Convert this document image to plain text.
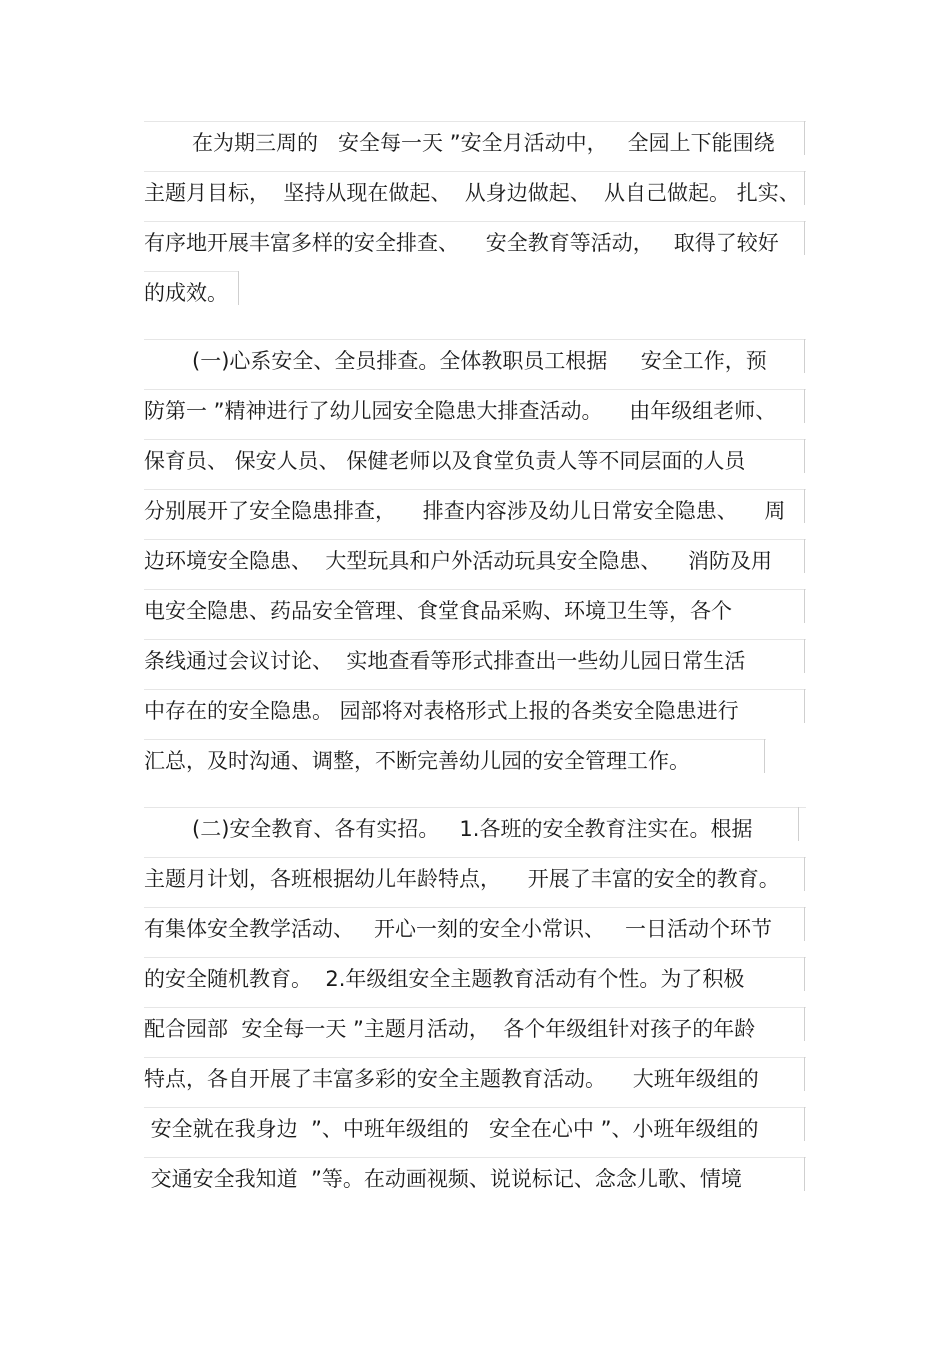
在为期三周的   安全每一天 ”安全月活动中，   全园上下能围绕
主题月目标，  坚持从现在做起、  从身边做起、  从自己做起。 扎实、
有序地开展丰富多样的安全排查、    安全教育等活动，   取得了较好
的成效。
(一)心系安全、全员排查。全体教职员工根据     安全工作，预
防第一 ”精神进行了幼儿园安全隐患大排查活动。    由年级组老师、
保育员、 保安人员、 保健老师以及食堂负责人等不同层面的人员
分别展开了安全隐患排查，    排查内容涉及幼儿日常安全隐患、    周
边环境安全隐患、  大型玩具和户外活动玩具安全隐患、    消防及用
电安全隐患、药品安全管理、食堂食品采购、环境卫生等，各个
条线通过会议讨论、  实地查看等形式排查出一些幼儿园日常生活
中存在的安全隐患。 园部将对表格形式上报的各类安全隐患进行
汇总，及时沟通、调整，不断完善幼儿园的安全管理工作。
(二)安全教育、各有实招。   1.各班的安全教育注实在。根据
主题月计划，各班根据幼儿年龄特点，    开展了丰富的安全的教育。
有集体安全教学活动、   开心一刻的安全小常识、   一日活动个环节
的安全随机教育。  2.年级组安全主题教育活动有个性。为了积极
配合园部  安全每一天 ”主题月活动，  各个年级组针对孩子的年龄
特点，各自开展了丰富多彩的安全主题教育活动。    大班年级组的
安全就在我身边  ”、中班年级组的   安全在心中 ”、小班年级组的
交通安全我知道  ”等。在动画视频、说说标记、念念儿歌、情境
